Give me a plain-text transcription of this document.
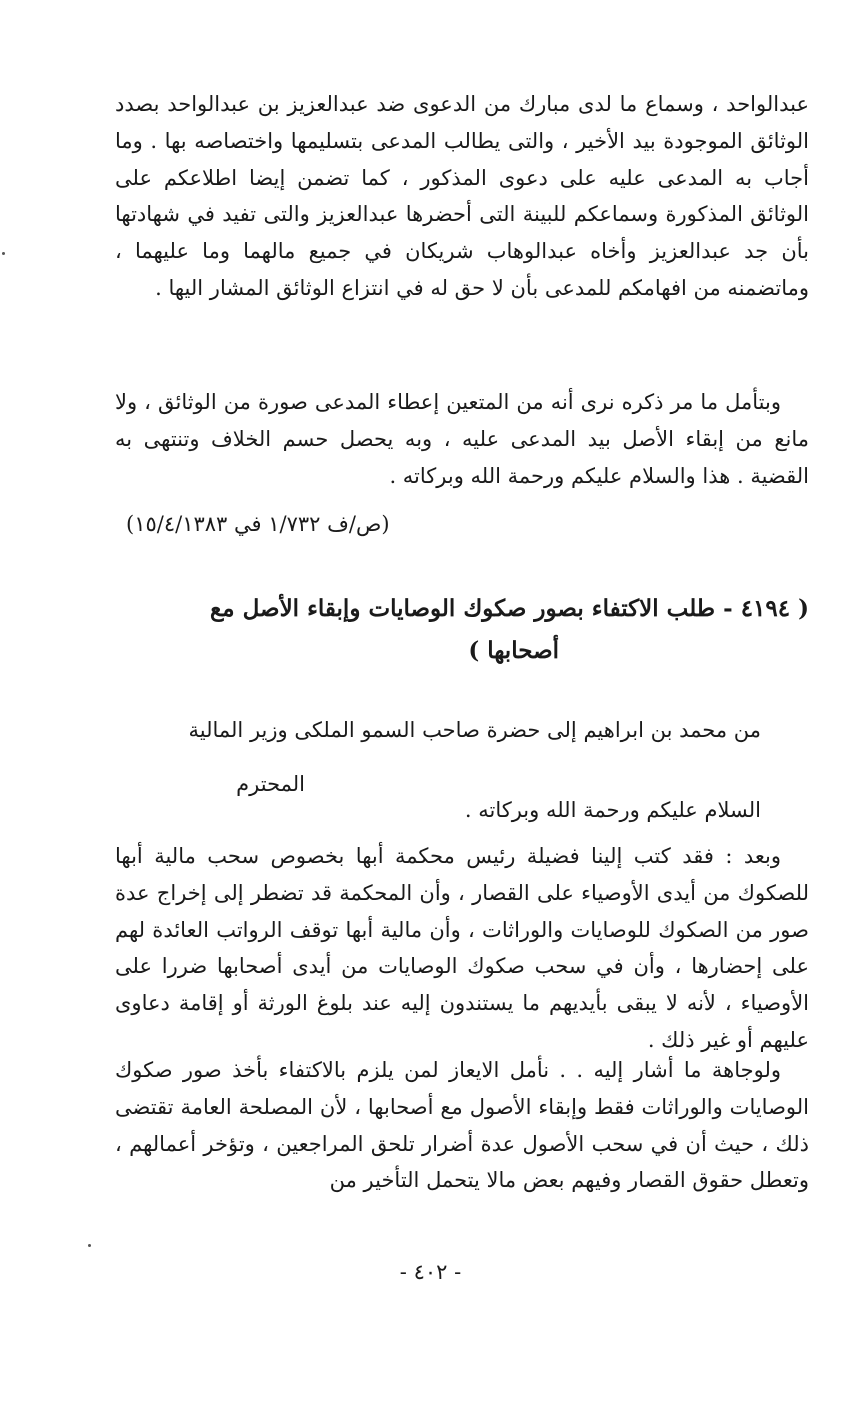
عبدالواحد ، وسماع ما لدى مبارك من الدعوى ضد عبدالعزيز بن عبدالواحد بصدد الوثائق الموجودة بيد الأخير ، والتى يطالب المدعى بتسليمها واختصاصه بها . وما أجاب به المدعى عليه على دعوى المذكور ، كما تضمن إيضا اطلاعكم على الوثائق المذكورة وسماعكم للبينة التى أحضرها عبدالعزيز والتى تفيد في شهادتها بأن جد عبدالعزيز وأخاه عبدالوهاب شريكان في جميع مالهما وما عليهما ، وماتضمنه من افهامكم للمدعى بأن لا حق له في انتزاع الوثائق المشار اليها .

وبتأمل ما مر ذكره نرى أنه من المتعين إعطاء المدعى صورة من الوثائق ، ولا مانع من إبقاء الأصل بيد المدعى عليه ، وبه يحصل حسم الخلاف وتنتهى به القضية . هذا والسلام عليكم ورحمة الله وبركاته .

(ص/ف ١/٧٣٢ في ١٥/٤/١٣٨٣)
( ٤١٩٤ - طلب الاكتفاء بصور صكوك الوصايات وإبقاء الأصل مع
أصحابها )
من محمد بن ابراهيم إلى حضرة صاحب السمو الملكى وزير المالية
المحترم
السلام عليكم ورحمة الله وبركاته .

وبعد : فقد كتب إلينا فضيلة رئيس محكمة أبها بخصوص سحب مالية أبها للصكوك من أيدى الأوصياء على القصار ، وأن المحكمة قد تضطر إلى إخراج عدة صور من الصكوك للوصايات والوراثات ، وأن مالية أبها توقف الرواتب العائدة لهم على إحضارها ، وأن في سحب صكوك الوصايات من أيدى أصحابها ضررا على الأوصياء ، لأنه لا يبقى بأيديهم ما يستندون إليه عند بلوغ الورثة أو إقامة دعاوى عليهم أو غير ذلك .

ولوجاهة ما أشار إليه . . نأمل الايعاز لمن يلزم بالاكتفاء بأخذ صور صكوك الوصايات والوراثات فقط وإبقاء الأصول مع أصحابها ، لأن المصلحة العامة تقتضى ذلك ، حيث أن في سحب الأصول عدة أضرار تلحق المراجعين ، وتؤخر أعمالهم ، وتعطل حقوق القصار وفيهم بعض مالا يتحمل التأخير من

- ٤٠٢ -
